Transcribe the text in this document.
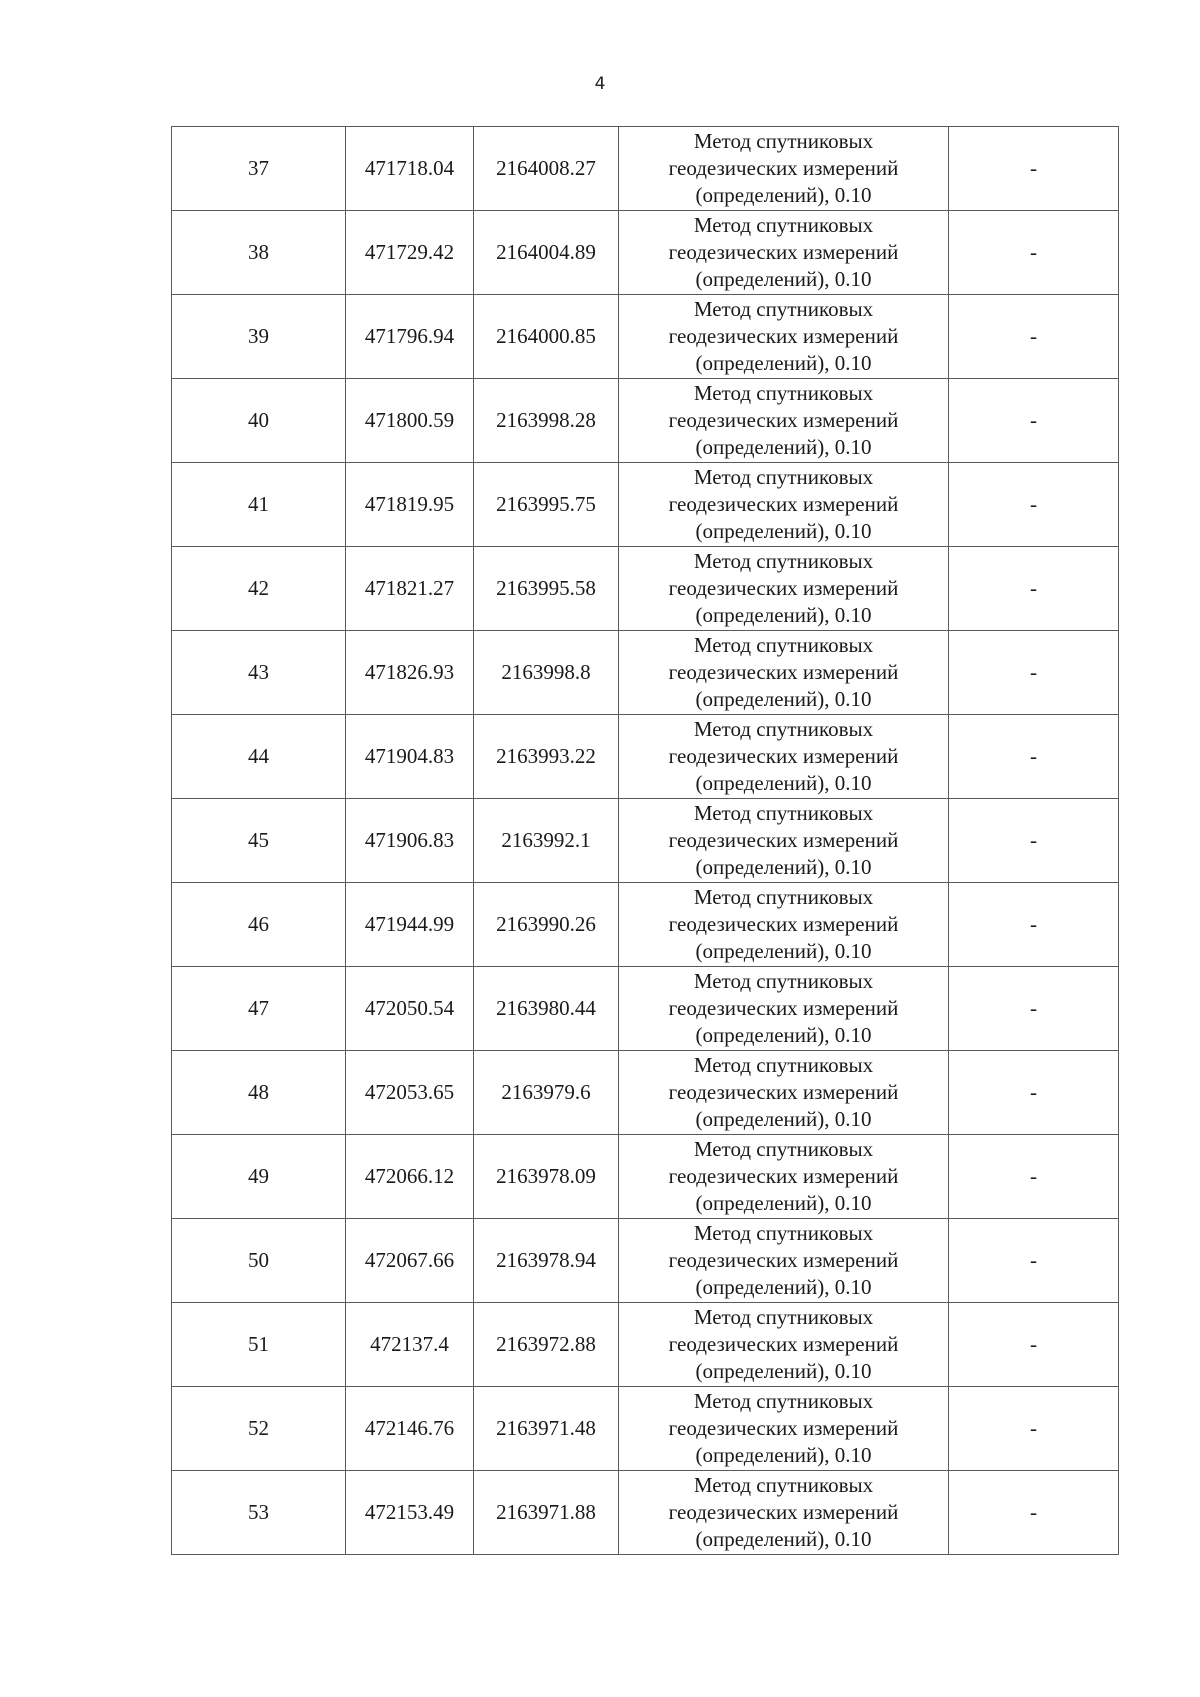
4
37	471718.04	2164008.27	Метод спутниковых
геодезических измерений
(определений), 0.10	-
38	471729.42	2164004.89	Метод спутниковых
геодезических измерений
(определений), 0.10	-
39	471796.94	2164000.85	Метод спутниковых
геодезических измерений
(определений), 0.10	-
40	471800.59	2163998.28	Метод спутниковых
геодезических измерений
(определений), 0.10	-
41	471819.95	2163995.75	Метод спутниковых
геодезических измерений
(определений), 0.10	-
42	471821.27	2163995.58	Метод спутниковых
геодезических измерений
(определений), 0.10	-
43	471826.93	2163998.8	Метод спутниковых
геодезических измерений
(определений), 0.10	-
44	471904.83	2163993.22	Метод спутниковых
геодезических измерений
(определений), 0.10	-
45	471906.83	2163992.1	Метод спутниковых
геодезических измерений
(определений), 0.10	-
46	471944.99	2163990.26	Метод спутниковых
геодезических измерений
(определений), 0.10	-
47	472050.54	2163980.44	Метод спутниковых
геодезических измерений
(определений), 0.10	-
48	472053.65	2163979.6	Метод спутниковых
геодезических измерений
(определений), 0.10	-
49	472066.12	2163978.09	Метод спутниковых
геодезических измерений
(определений), 0.10	-
50	472067.66	2163978.94	Метод спутниковых
геодезических измерений
(определений), 0.10	-
51	472137.4	2163972.88	Метод спутниковых
геодезических измерений
(определений), 0.10	-
52	472146.76	2163971.48	Метод спутниковых
геодезических измерений
(определений), 0.10	-
53	472153.49	2163971.88	Метод спутниковых
геодезических измерений
(определений), 0.10	-
